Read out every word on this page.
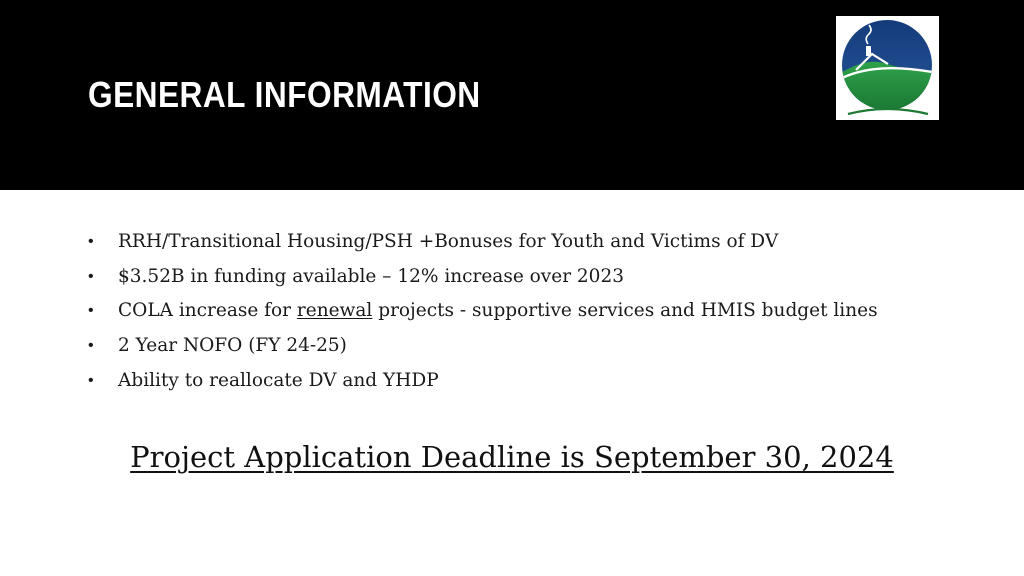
GENERAL INFORMATION
• RRH/Transitional Housing/PSH +Bonuses for Youth and Victims of DV
• $3.52B in funding available – 12% increase over 2023
• COLA increase for renewal projects - supportive services and HMIS budget lines
• 2 Year NOFO (FY 24-25)
• Ability to reallocate DV and YHDP
Project Application Deadline is September 30, 2024
